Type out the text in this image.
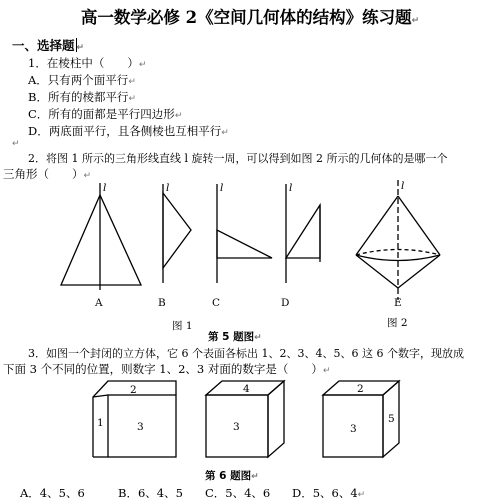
高一数学必修 2《空间几何体的结构》练习题↵
一、选择题 ↵
1．在棱柱中（　　）↵
A．只有两个面平行↵
B．所有的棱都平行↵
C．所有的面都是平行四边形↵
D．两底面平行，且各侧棱也互相平行↵
↵
2．将图 1 所示的三角形线直线 l 旋转一周，可以得到如图 2 所示的几何体的是哪一个
三角形（　　）↵
l	l	l	l	l
A	B	C	D	E
图 1	图 2
2
1	3
4
3
2
3
5
第 5 题图↵
3．如图一个封闭的立方体，它 6 个表面各标出 1、2、3、4、5、6 这 6 个数字，现放成
下面 3 个不同的位置，则数字 1、2、3 对面的数字是（　　）↵
第 6 题图↵
A．4、5、6	B．6、4、5 C．5、4、6 D．5、6、4↵
